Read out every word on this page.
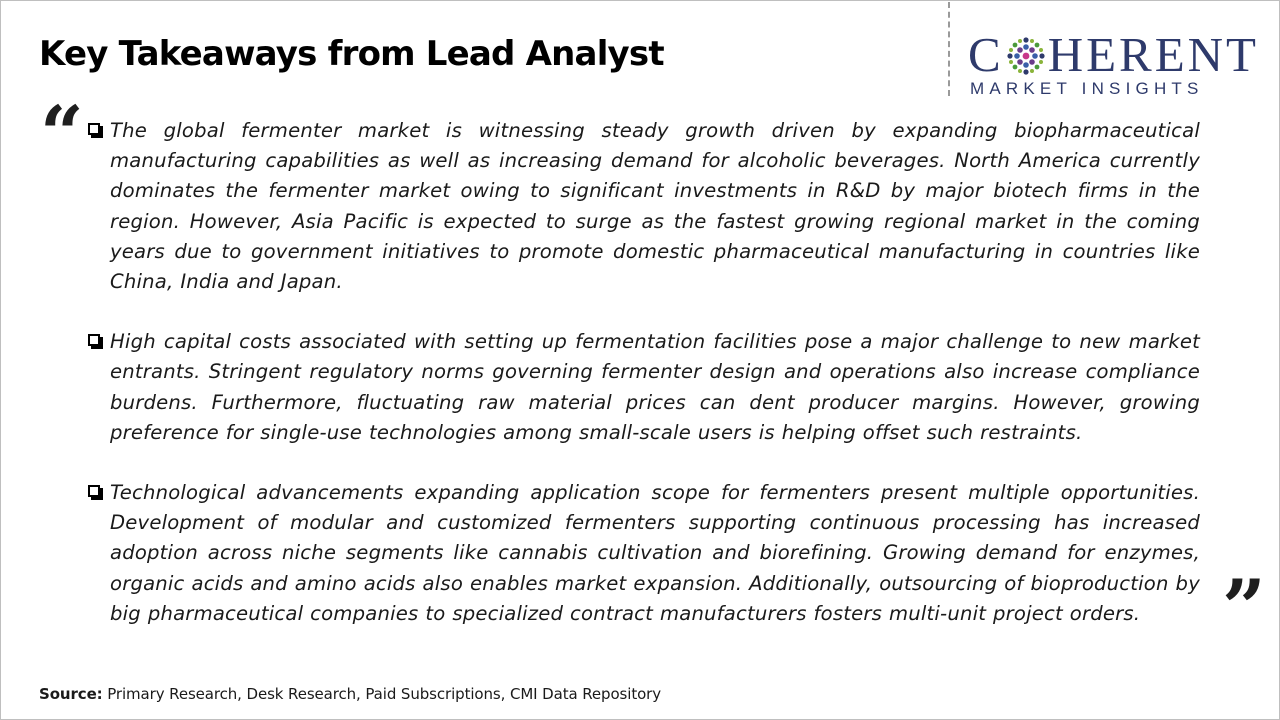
Key Takeaways from Lead Analyst	C HERENT
MARKET INSIGHTS
“ The global fermenter market is witnessing steady growth driven by expanding biopharmaceutical manufacturing capabilities as well as increasing demand for alcoholic beverages. North America currently dominates the fermenter market owing to significant investments in R&D by major biotech firms in the region. However, Asia Pacific is expected to surge as the fastest growing regional market in the coming years due to government initiatives to promote domestic pharmaceutical manufacturing in countries like China, India and Japan.

High capital costs associated with setting up fermentation facilities pose a major challenge to new market entrants. Stringent regulatory norms governing fermenter design and operations also increase compliance burdens. Furthermore, fluctuating raw material prices can dent producer margins. However, growing preference for single-use technologies among small-scale users is helping offset such restraints.

Technological advancements expanding application scope for fermenters present multiple opportunities. Development of modular and customized fermenters supporting continuous processing has increased adoption across niche segments like cannabis cultivation and biorefining. Growing demand for enzymes, organic acids and amino acids also enables market expansion. Additionally, outsourcing of bioproduction by big pharmaceutical companies to specialized contract manufacturers fosters multi-unit project orders.	”
Source: Primary Research, Desk Research, Paid Subscriptions, CMI Data Repository
